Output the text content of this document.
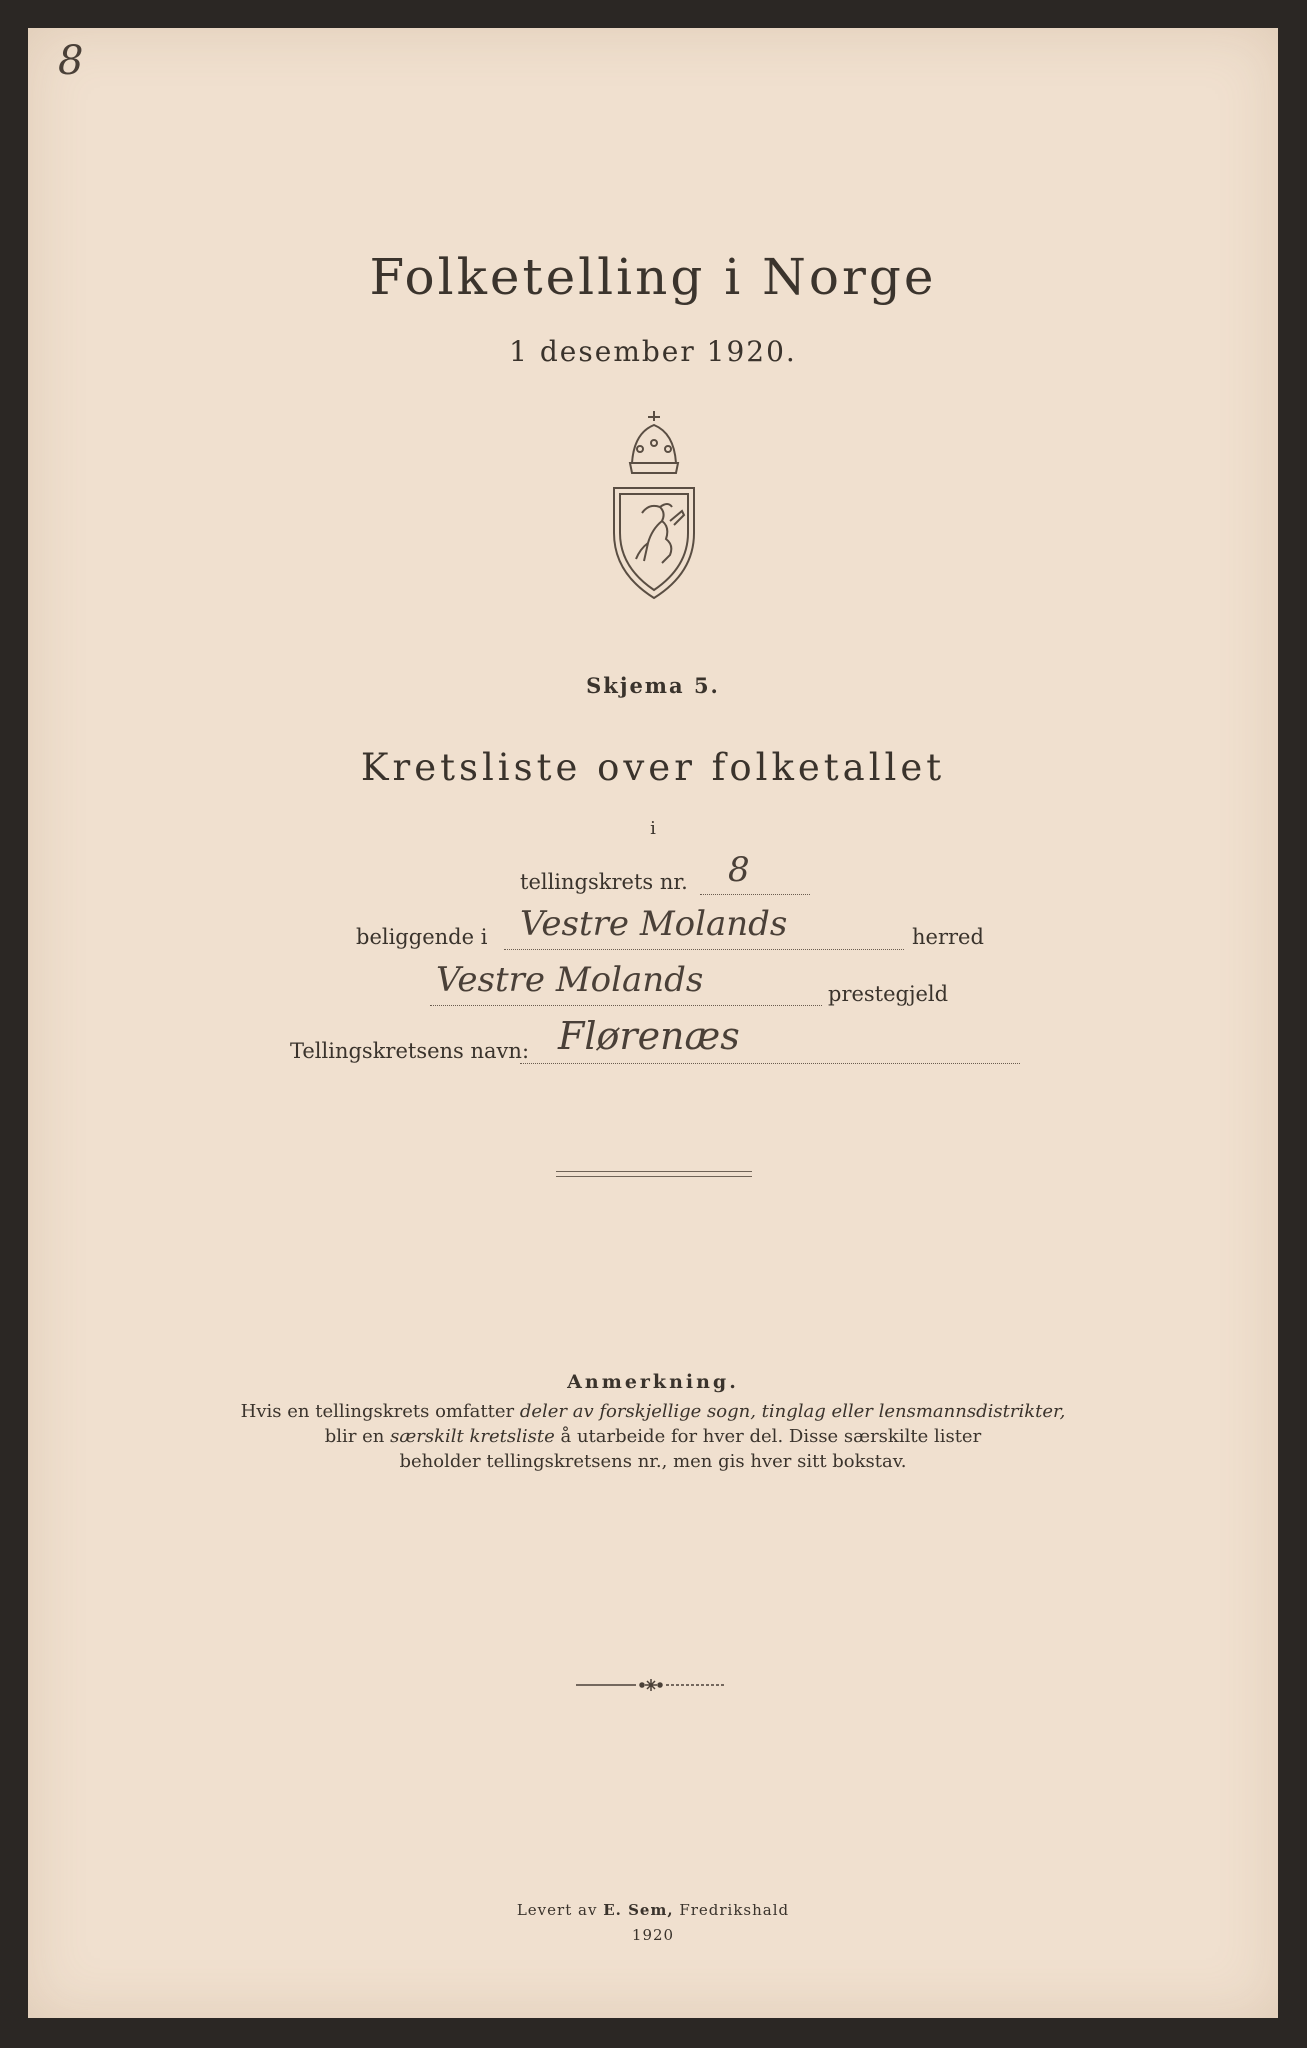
8
Folketelling i Norge
1 desember 1920.
Skjema 5.
Kretsliste over folketallet
i
tellingskrets nr. 8
beliggende i Vestre Molands	herred
Vestre Molands	prestegjeld
Tellingskretsens navn: Flørenæs
Anmerkning.
Hvis en tellingskrets omfatter deler av forskjellige sogn, tinglag eller lensmannsdistrikter,
blir en særskilt kretsliste å utarbeide for hver del. Disse særskilte lister
beholder tellingskretsens nr., men gis hver sitt bokstav.
Levert av E. Sem, Fredrikshald
1920
